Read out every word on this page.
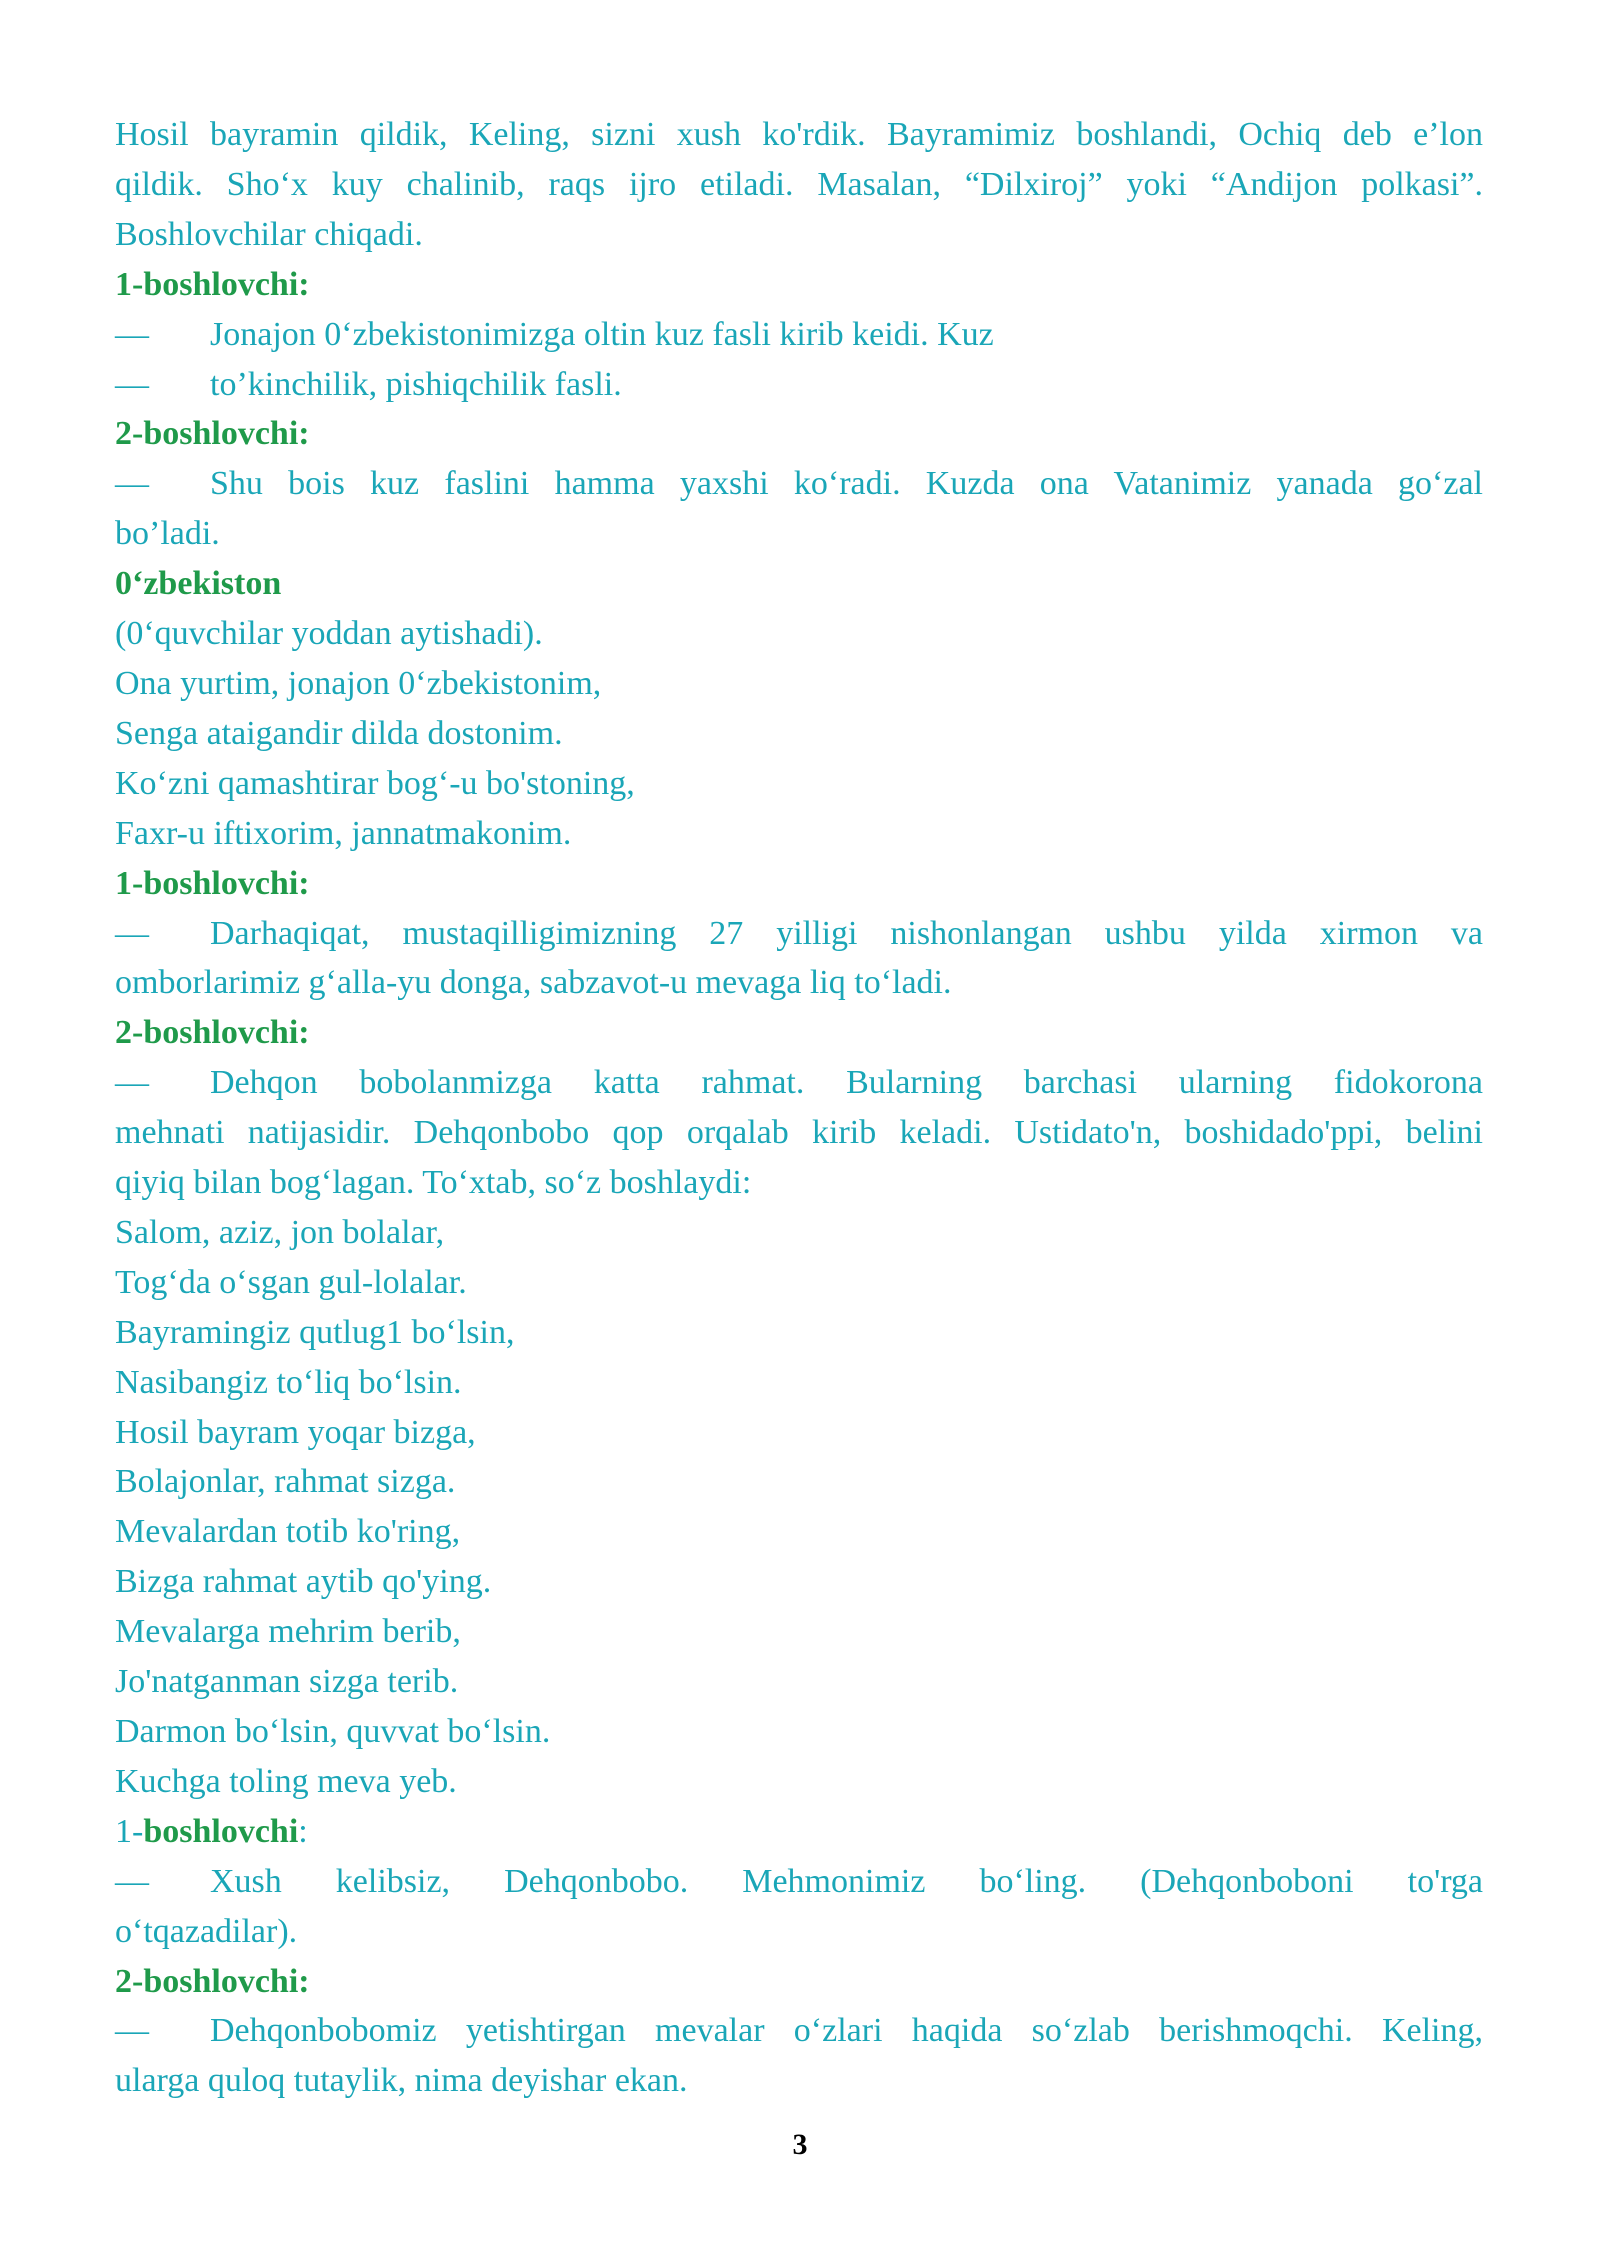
Hosil bayramin qildik, Keling, sizni xush ko'rdik. Bayramimiz boshlandi, Ochiq deb e’lon

qildik. Sho‘x kuy chalinib, raqs ijro etiladi. Masalan, “Dilxiroj” yoki “Andijon polkasi”.

Boshlovchilar chiqadi.

1-boshlovchi:

— Jonajon 0‘zbekistonimizga oltin kuz fasli kirib keidi. Kuz

— to’kinchilik, pishiqchilik fasli.

2-boshlovchi:

— Shu bois kuz faslini hamma yaxshi ko‘radi. Kuzda ona Vatanimiz yanada go‘zal

bo’ladi.

0‘zbekiston

(0‘quvchilar yoddan aytishadi).

Ona yurtim, jonajon 0‘zbekistonim,

Senga ataigandir dilda dostonim.

Ko‘zni qamashtirar bog‘-u bo'stoning,

Faxr-u iftixorim, jannatmakonim.

1-boshlovchi:

— Darhaqiqat, mustaqilligimizning 27 yilligi nishonlangan ushbu yilda xirmon va

omborlarimiz g‘alla-yu donga, sabzavot-u mevaga liq to‘ladi.

2-boshlovchi:

— Dehqon bobolanmizga katta rahmat. Bularning barchasi ularning fidokorona

mehnati natijasidir. Dehqonbobo qop orqalab kirib keladi. Ustidato'n, boshidado'ppi, belini

qiyiq bilan bog‘lagan. To‘xtab, so‘z boshlaydi:

Salom, aziz, jon bolalar,

Tog‘da o‘sgan gul-lolalar.

Bayramingiz qutlug1 bo‘lsin,

Nasibangiz to‘liq bo‘lsin.

Hosil bayram yoqar bizga,

Bolajonlar, rahmat sizga.

Mevalardan totib ko'ring,

Bizga rahmat aytib qo'ying.

Mevalarga mehrim berib,

Jo'natganman sizga terib.

Darmon bo‘lsin, quvvat bo‘lsin.

Kuchga toling meva yeb.

1-boshlovchi:

— Xush kelibsiz, Dehqonbobo. Mehmonimiz bo‘ling. (Dehqonboboni to'rga

o‘tqazadilar).

2-boshlovchi:

— Dehqonbobomiz yetishtirgan mevalar o‘zlari haqida so‘zlab berishmoqchi. Keling,

ularga quloq tutaylik, nima deyishar ekan.

3
